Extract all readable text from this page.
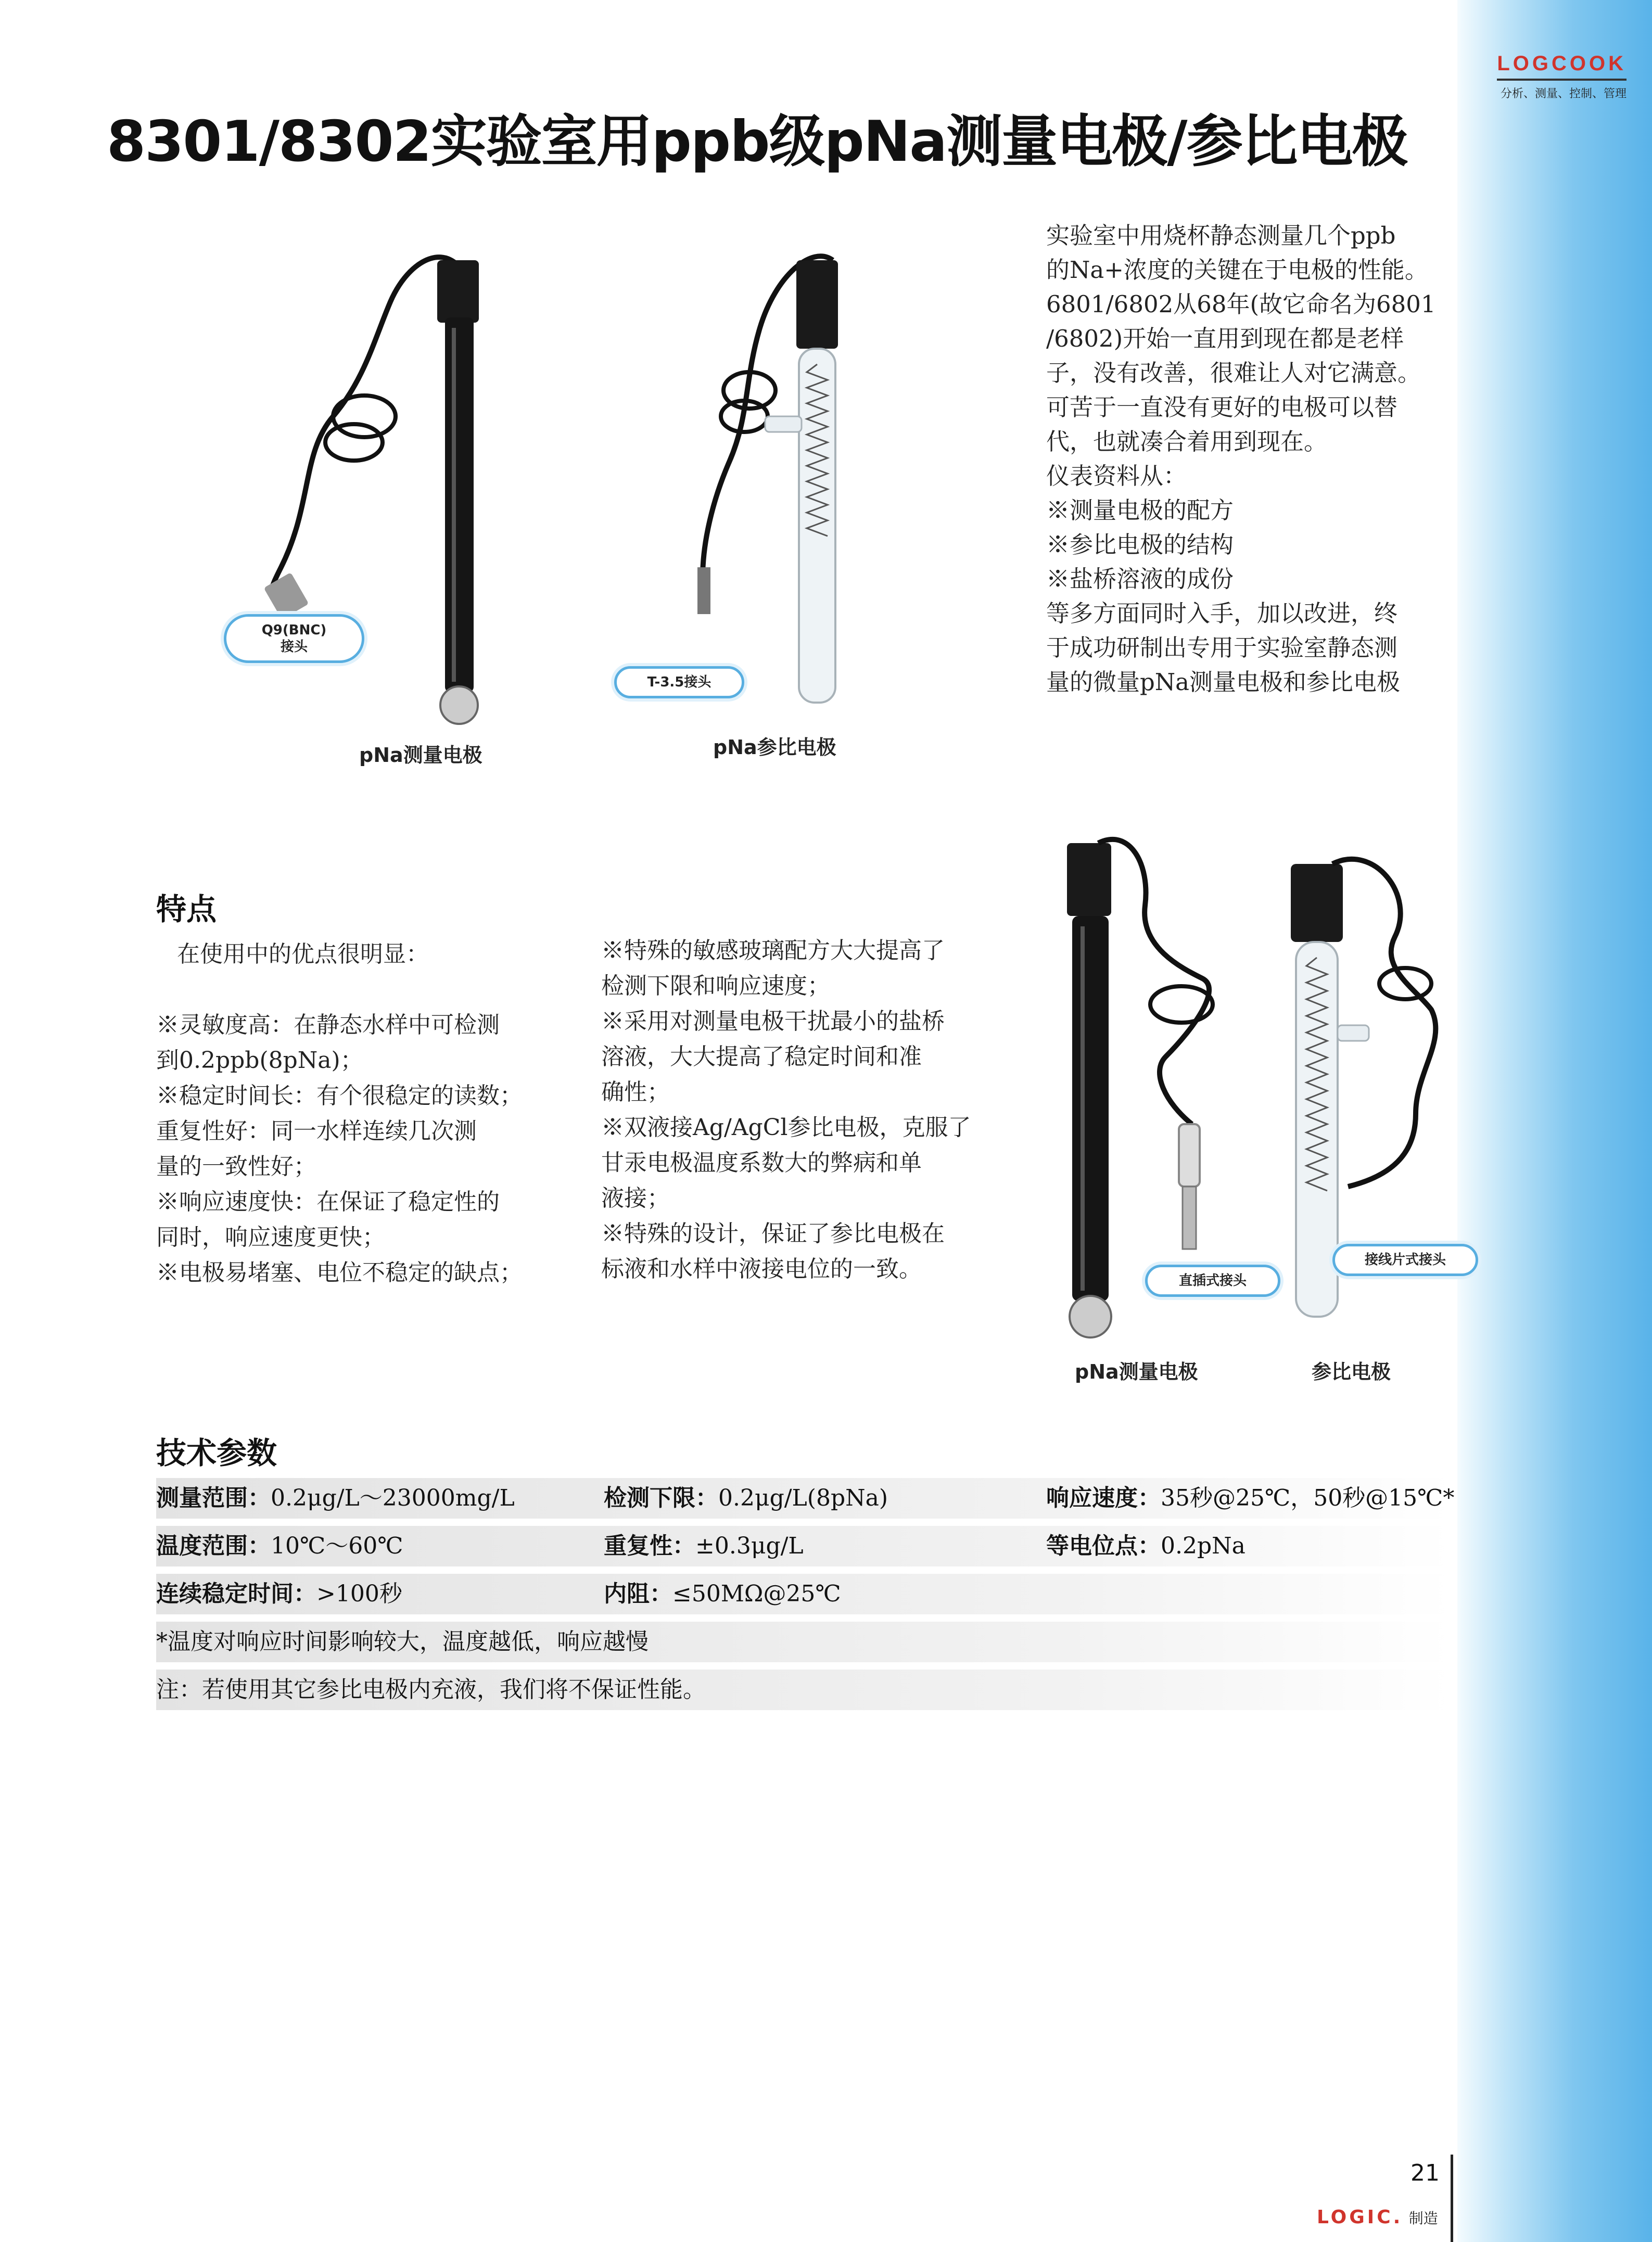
LOGCOOK
分析、测量、控制、管理
8301/8302实验室用ppb级pNa测量电极/参比电极

实验室中用烧杯静态测量几个ppb

的Na+浓度的关键在于电极的性能。

6801/6802从68年(故它命名为6801

/6802)开始一直用到现在都是老样

子，没有改善，很难让人对它满意。

可苦于一直没有更好的电极可以替

代，也就凑合着用到现在。

仪表资料从：

※测量电极的配方

※参比电极的结构

※盐桥溶液的成份

等多方面同时入手，加以改进，终

于成功研制出专用于实验室静态测

量的微量pNa测量电极和参比电极

Q9(BNC)
接头
T-3.5接头
pNa测量电极	pNa参比电极
特点

在使用中的优点很明显：

※灵敏度高：在静态水样中可检测

到0.2ppb(8pNa)；

※稳定时间长：有个很稳定的读数；

重复性好：同一水样连续几次测

量的一致性好；

※响应速度快：在保证了稳定性的

同时，响应速度更快；

※电极易堵塞、电位不稳定的缺点；

※特殊的敏感玻璃配方大大提高了

检测下限和响应速度；

※采用对测量电极干扰最小的盐桥

溶液，大大提高了稳定时间和准

确性；

※双液接Ag/AgCl参比电极，克服了

甘汞电极温度系数大的弊病和单

液接；

※特殊的设计，保证了参比电极在

标液和水样中液接电位的一致。	直插式接头
接线片式接头
pNa测量电极	参比电极
技术参数
测量范围：0.2μg/L～23000mg/L	检测下限：0.2μg/L(8pNa)	响应速度：35秒@25℃，50秒@15℃*
温度范围：10℃～60℃	重复性：±0.3μg/L	等电位点：0.2pNa
连续稳定时间：>100秒	内阻：≤50MΩ@25℃
*温度对响应时间影响较大，温度越低，响应越慢
注：若使用其它参比电极内充液，我们将不保证性能。
21
LOGIC. 制造
